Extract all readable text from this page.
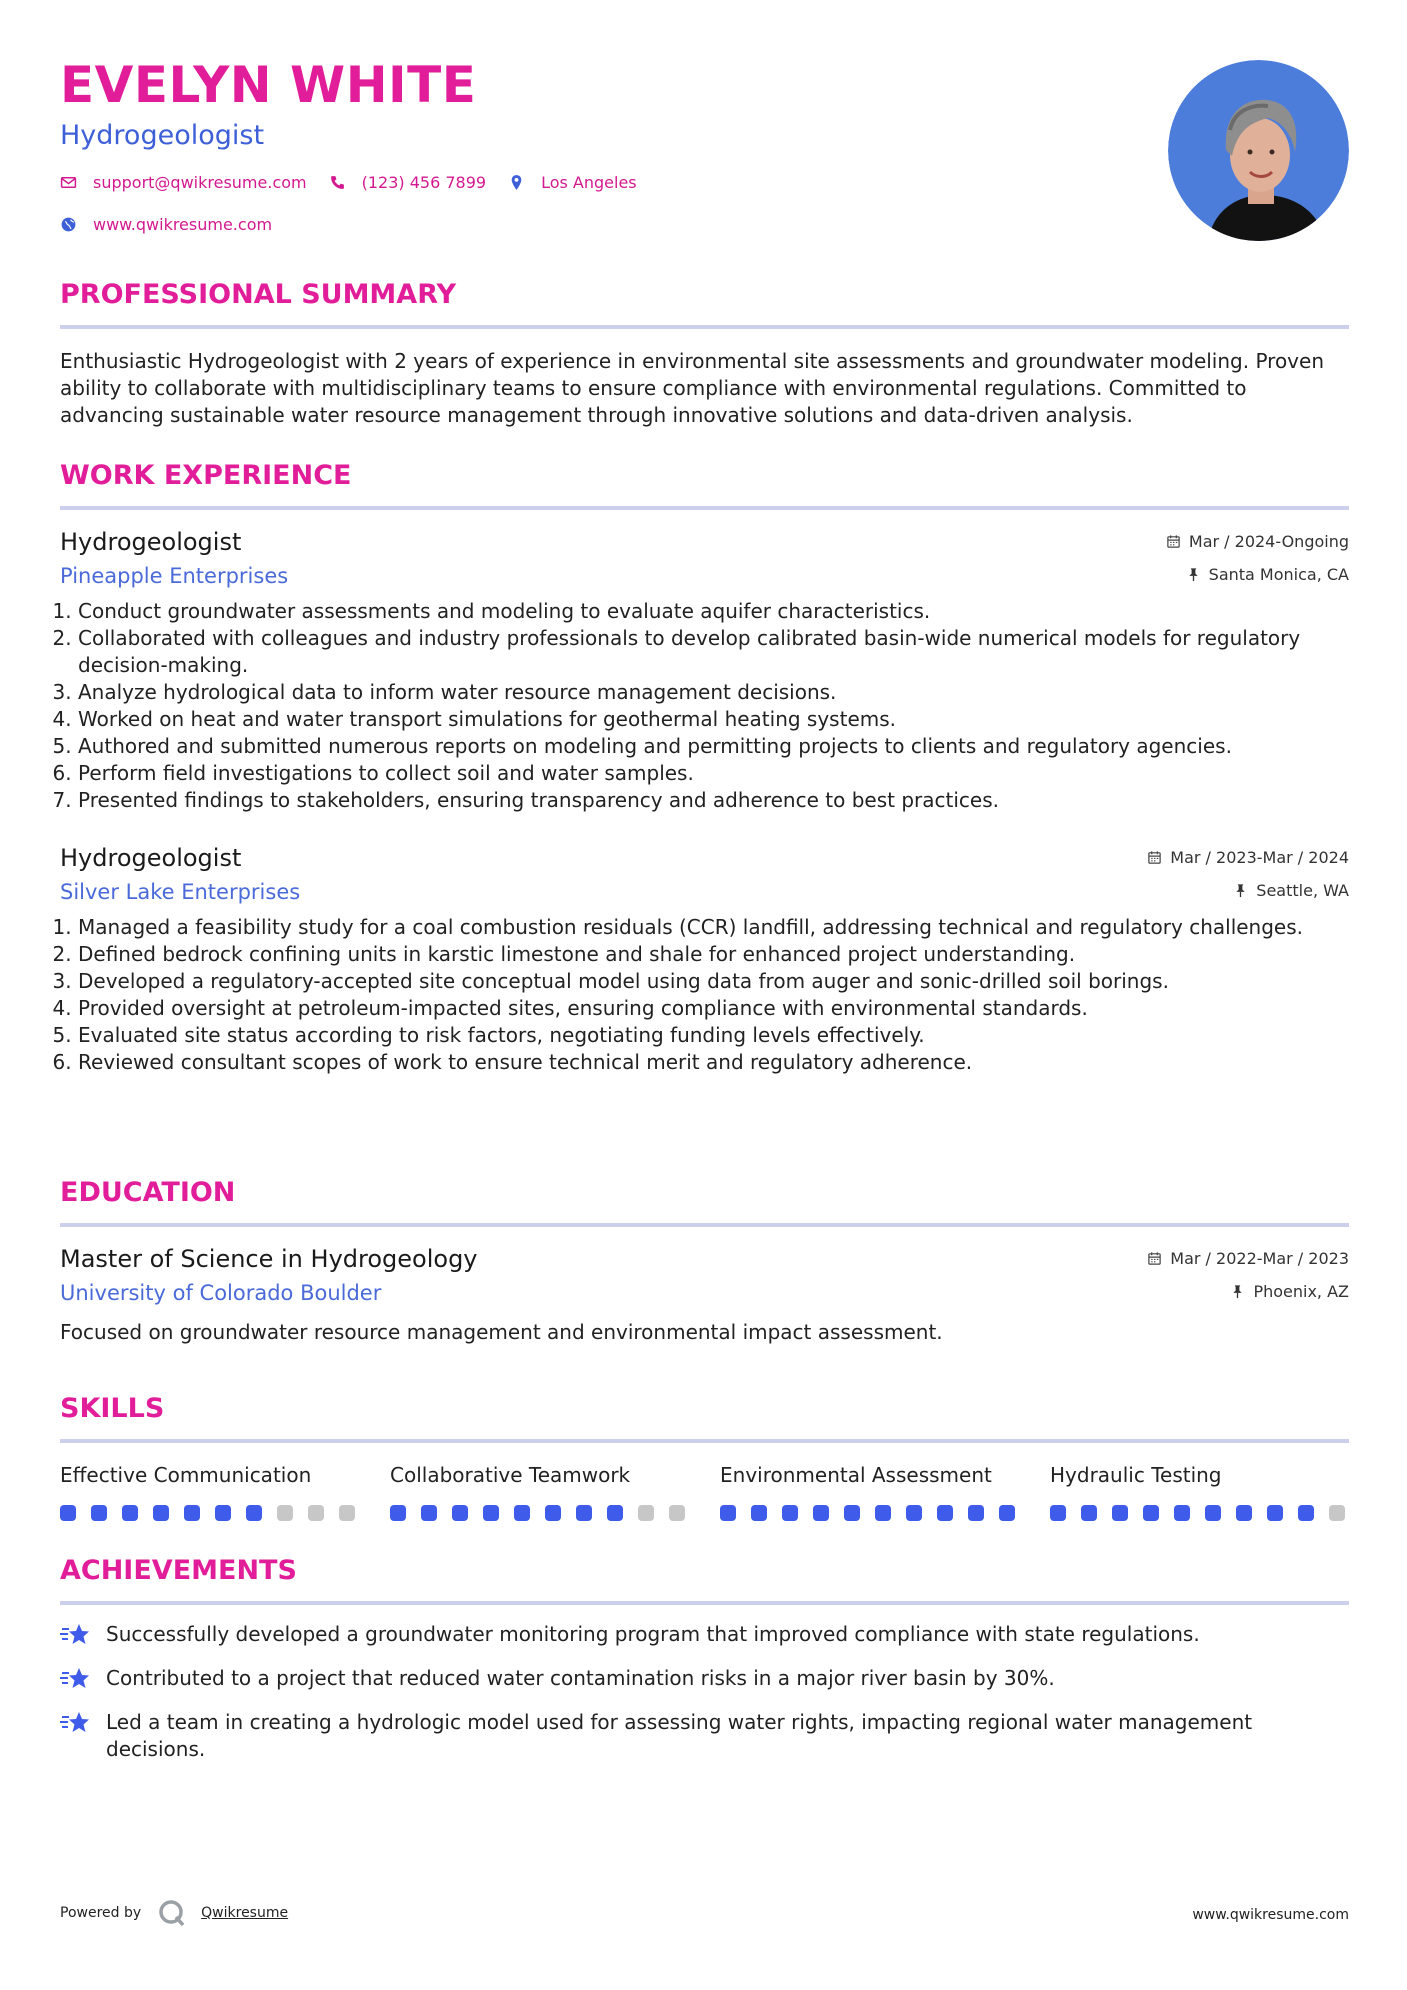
EVELYN WHITE
Hydrogeologist
support@qwikresume.com	(123) 456 7899	Los Angeles
www.qwikresume.com
PROFESSIONAL SUMMARY
Enthusiastic Hydrogeologist with 2 years of experience in environmental site assessments and groundwater modeling. Proven ability to collaborate with multidisciplinary teams to ensure compliance with environmental regulations. Committed to advancing sustainable water resource management through innovative solutions and data-driven analysis.
WORK EXPERIENCE
Hydrogeologist
Pineapple Enterprises
Mar / 2024-Ongoing
Santa Monica, CA
1. Conduct groundwater assessments and modeling to evaluate aquifer characteristics.
2. Collaborated with colleagues and industry professionals to develop calibrated basin-wide numerical models for regulatory decision-making.
3. Analyze hydrological data to inform water resource management decisions.
4. Worked on heat and water transport simulations for geothermal heating systems.
5. Authored and submitted numerous reports on modeling and permitting projects to clients and regulatory agencies.
6. Perform field investigations to collect soil and water samples.
7. Presented findings to stakeholders, ensuring transparency and adherence to best practices.
Hydrogeologist
Silver Lake Enterprises
Mar / 2023-Mar / 2024
Seattle, WA
1. Managed a feasibility study for a coal combustion residuals (CCR) landfill, addressing technical and regulatory challenges.
2. Defined bedrock confining units in karstic limestone and shale for enhanced project understanding.
3. Developed a regulatory-accepted site conceptual model using data from auger and sonic-drilled soil borings.
4. Provided oversight at petroleum-impacted sites, ensuring compliance with environmental standards.
5. Evaluated site status according to risk factors, negotiating funding levels effectively.
6. Reviewed consultant scopes of work to ensure technical merit and regulatory adherence.
EDUCATION
Master of Science in Hydrogeology
University of Colorado Boulder
Mar / 2022-Mar / 2023
Phoenix, AZ
Focused on groundwater resource management and environmental impact assessment.
SKILLS
Effective Communication	Collaborative Teamwork	Environmental Assessment	Hydraulic Testing
ACHIEVEMENTS
Successfully developed a groundwater monitoring program that improved compliance with state regulations.
Contributed to a project that reduced water contamination risks in a major river basin by 30%.
Led a team in creating a hydrologic model used for assessing water rights, impacting regional water management decisions.
Powered by	Qwikresume	www.qwikresume.com
